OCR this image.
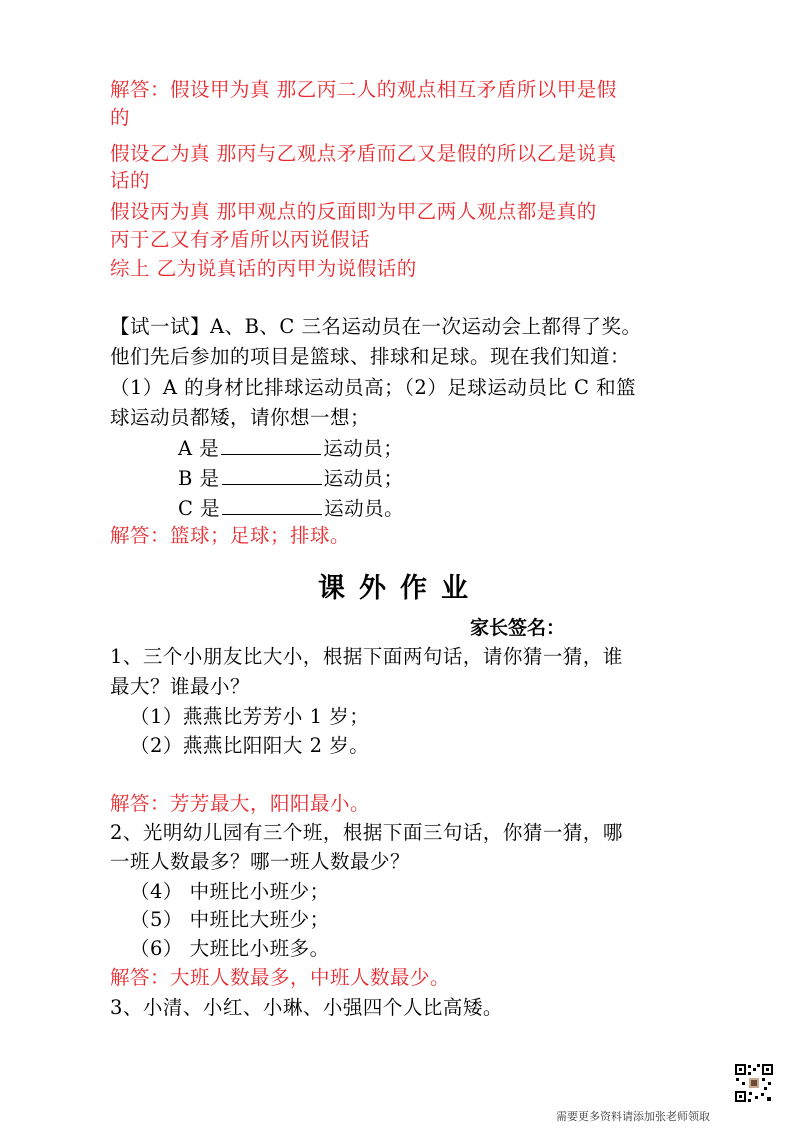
解答：假设甲为真 那乙丙二人的观点相互矛盾所以甲是假
的
假设乙为真 那丙与乙观点矛盾而乙又是假的所以乙是说真
话的
假设丙为真 那甲观点的反面即为甲乙两人观点都是真的
丙于乙又有矛盾所以丙说假话
综上 乙为说真话的丙甲为说假话的
【试一试】A、B、C 三名运动员在一次运动会上都得了奖。
他们先后参加的项目是篮球、排球和足球。现在我们知道：
（1）A 的身材比排球运动员高；（2）足球运动员比 C 和篮
球运动员都矮，请你想一想；
A 是	运动员；
B 是	运动员；
C 是	运动员。
解答：篮球；足球；排球。
课外作业
家长签名：
1、三个小朋友比大小，根据下面两句话，请你猜一猜，谁
最大？谁最小？
（1）燕燕比芳芳小 1 岁；
（2）燕燕比阳阳大 2 岁。
解答：芳芳最大，阳阳最小。
2、光明幼儿园有三个班，根据下面三句话，你猜一猜，哪
一班人数最多？哪一班人数最少？
（4） 中班比小班少；
（5） 中班比大班少；
（6） 大班比小班多。
解答：大班人数最多，中班人数最少。
3、小清、小红、小琳、小强四个人比高矮。
需要更多资料请添加张老师领取
